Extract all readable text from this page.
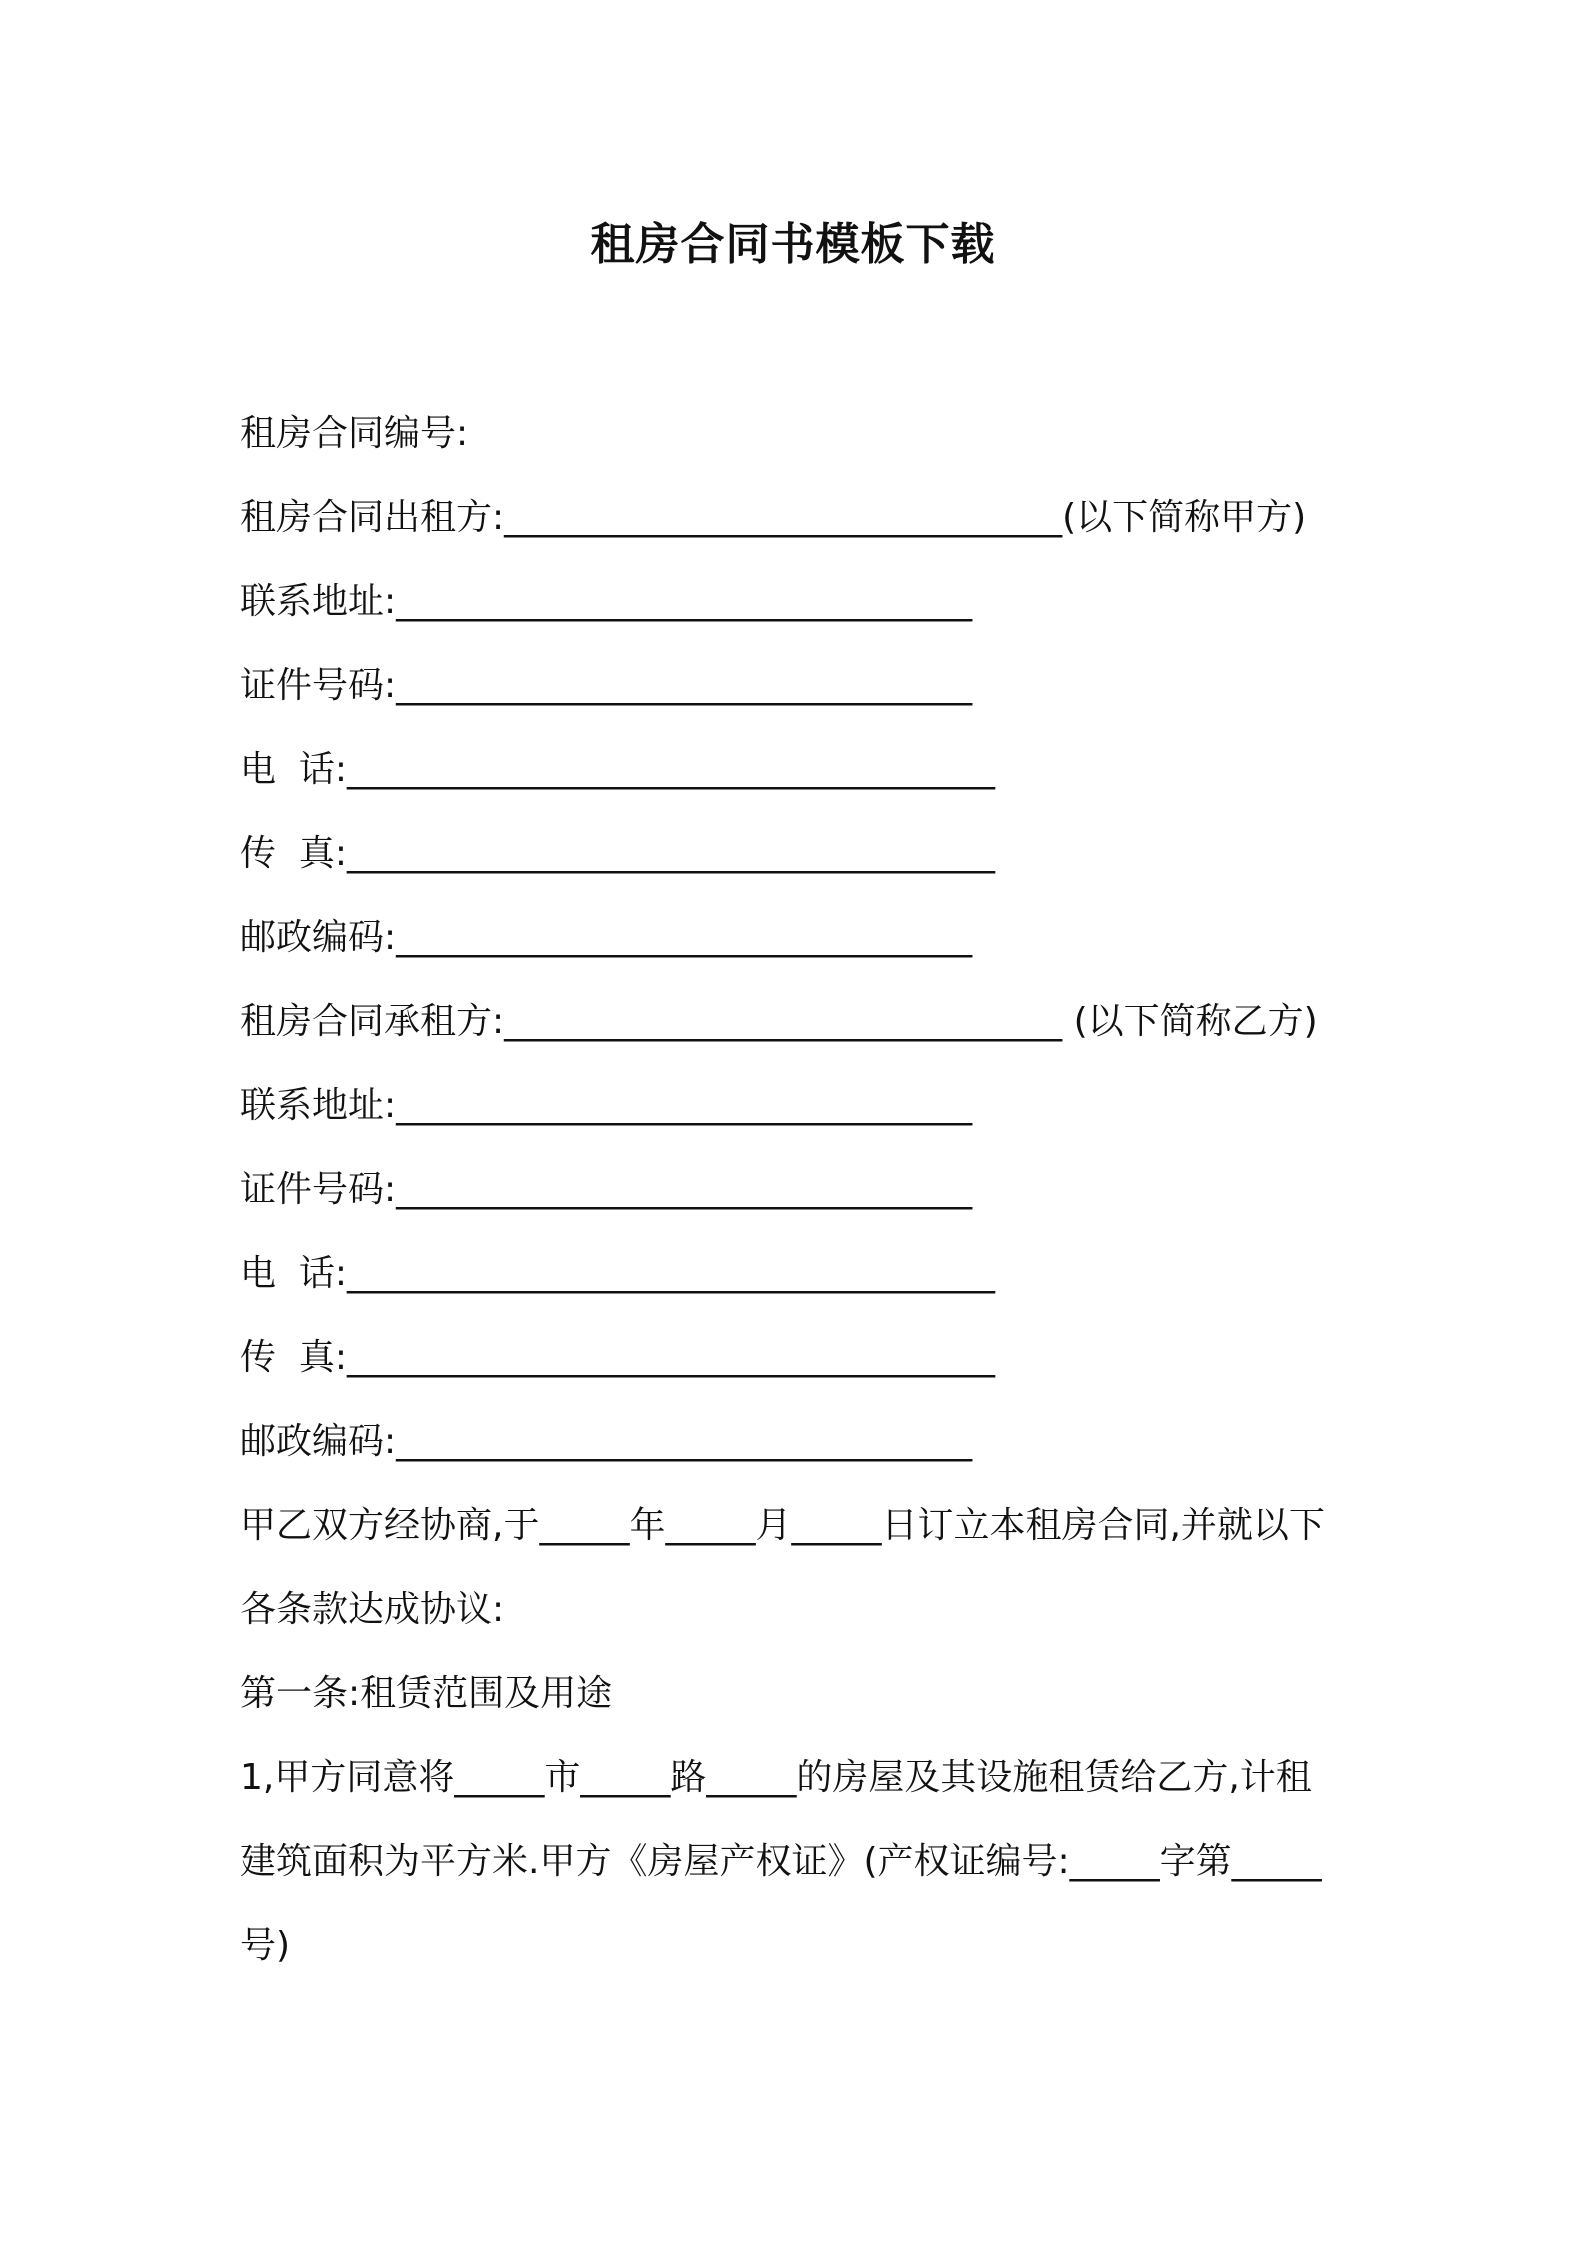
租房合同书模板下载
租房合同编号:
租房合同出租方:_______________________________(以下简称甲方)
联系地址:________________________________
证件号码:________________________________
电  话:____________________________________
传  真:____________________________________
邮政编码:________________________________
租房合同承租方:_______________________________ (以下简称乙方)
联系地址:________________________________
证件号码:________________________________
电  话:____________________________________
传  真:____________________________________
邮政编码:________________________________
甲乙双方经协商,于_____年_____月_____日订立本租房合同,并就以下
各条款达成协议:
第一条:租赁范围及用途
1,甲方同意将_____市_____路_____的房屋及其设施租赁给乙方,计租
建筑面积为平方米.甲方《房屋产权证》(产权证编号:_____字第_____
号)
